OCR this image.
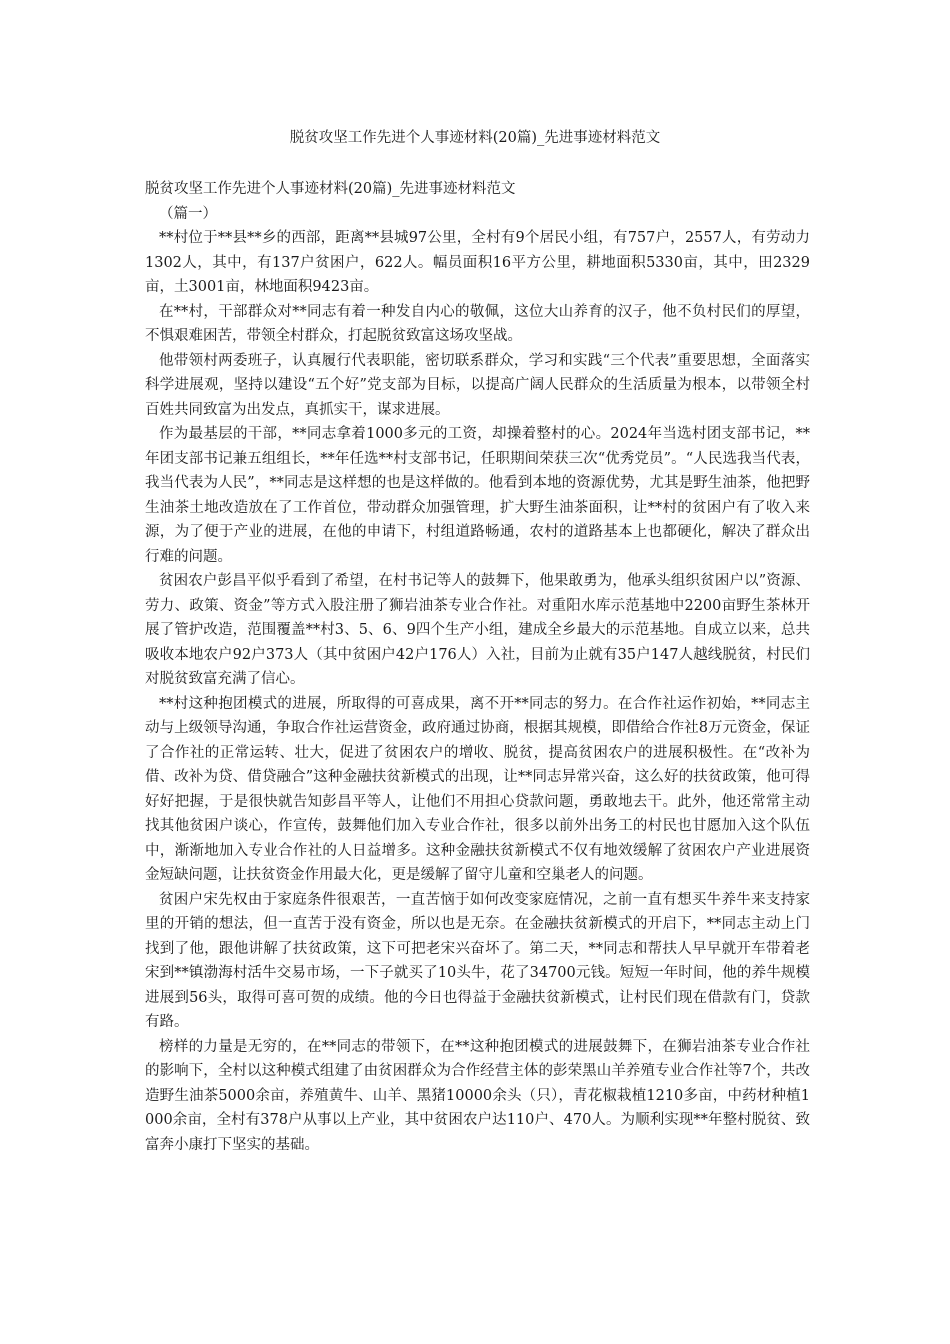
脱贫攻坚工作先进个人事迹材料(20篇)_先进事迹材料范文

脱贫攻坚工作先进个人事迹材料(20篇)_先进事迹材料范文

（篇一）

**村位于**县**乡的西部，距离**县城97公里，全村有9个居民小组，有757户，2557人，有劳动力1302人，其中，有137户贫困户，622人。幅员面积16平方公里，耕地面积5330亩，其中，田2329亩，土3001亩，林地面积9423亩。

在**村，干部群众对**同志有着一种发自内心的敬佩，这位大山养育的汉子，他不负村民们的厚望，不惧艰难困苦，带领全村群众，打起脱贫致富这场攻坚战。

他带领村两委班子，认真履行代表职能，密切联系群众，学习和实践“三个代表”重要思想，全面落实科学进展观，坚持以建设“五个好”党支部为目标，以提高广阔人民群众的生活质量为根本，以带领全村百姓共同致富为出发点，真抓实干，谋求进展。

作为最基层的干部，**同志拿着1000多元的工资，却操着整村的心。2024年当选村团支部书记，**年团支部书记兼五组组长，**年任选**村支部书记，任职期间荣获三次“优秀党员”。“人民选我当代表，我当代表为人民”，**同志是这样想的也是这样做的。他看到本地的资源优势，尤其是野生油茶，他把野生油茶土地改造放在了工作首位，带动群众加强管理，扩大野生油茶面积，让**村的贫困户有了收入来源，为了便于产业的进展，在他的申请下，村组道路畅通，农村的道路基本上也都硬化，解决了群众出行难的问题。

贫困农户彭昌平似乎看到了希望，在村书记等人的鼓舞下，他果敢勇为，他承头组织贫困户以”资源、劳力、政策、资金”等方式入股注册了狮岩油茶专业合作社。对重阳水库示范基地中2200亩野生茶林开展了管护改造，范围覆盖**村3、5、6、9四个生产小组，建成全乡最大的示范基地。自成立以来，总共吸收本地农户92户373人（其中贫困户42户176人）入社，目前为止就有35户147人越线脱贫，村民们对脱贫致富充满了信心。

**村这种抱团模式的进展，所取得的可喜成果，离不开**同志的努力。在合作社运作初始，**同志主动与上级领导沟通，争取合作社运营资金，政府通过协商，根据其规模，即借给合作社8万元资金，保证了合作社的正常运转、壮大，促进了贫困农户的增收、脱贫，提高贫困农户的进展积极性。在“改补为借、改补为贷、借贷融合”这种金融扶贫新模式的出现，让**同志异常兴奋，这么好的扶贫政策，他可得好好把握，于是很快就告知彭昌平等人，让他们不用担心贷款问题，勇敢地去干。此外，他还常常主动找其他贫困户谈心，作宣传，鼓舞他们加入专业合作社，很多以前外出务工的村民也甘愿加入这个队伍中，渐渐地加入专业合作社的人日益增多。这种金融扶贫新模式不仅有地效缓解了贫困农户产业进展资金短缺问题，让扶贫资金作用最大化，更是缓解了留守儿童和空巢老人的问题。

贫困户宋先权由于家庭条件很艰苦，一直苦恼于如何改变家庭情况，之前一直有想买牛养牛来支持家里的开销的想法，但一直苦于没有资金，所以也是无奈。在金融扶贫新模式的开启下，**同志主动上门找到了他，跟他讲解了扶贫政策，这下可把老宋兴奋坏了。第二天，**同志和帮扶人早早就开车带着老宋到**镇渤海村活牛交易市场，一下子就买了10头牛，花了34700元钱。短短一年时间，他的养牛规模进展到56头，取得可喜可贺的成绩。他的今日也得益于金融扶贫新模式，让村民们现在借款有门，贷款有路。

榜样的力量是无穷的，在**同志的带领下，在**这种抱团模式的进展鼓舞下，在狮岩油茶专业合作社的影响下，全村以这种模式组建了由贫困群众为合作经营主体的彭荣黑山羊养殖专业合作社等7个，共改造野生油茶5000余亩，养殖黄牛、山羊、黑猪10000余头（只），青花椒栽植1210多亩，中药材种植1000余亩，全村有378户从事以上产业，其中贫困农户达110户、470人。为顺利实现**年整村脱贫、致富奔小康打下坚实的基础。
